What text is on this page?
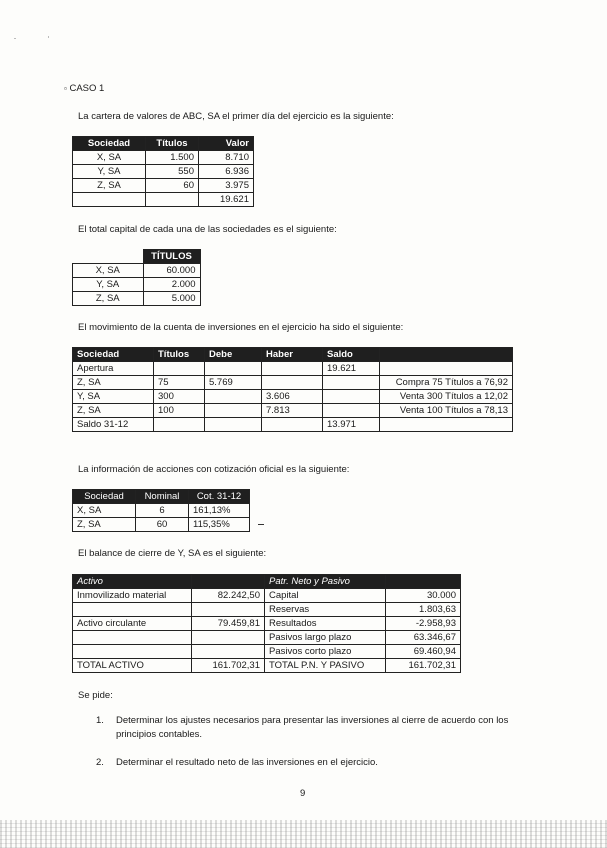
▫ CASO 1
La cartera de valores de ABC, SA el primer día del ejercicio es la siguiente:
Sociedad	Títulos	Valor
X, SA	1.500	8.710
Y, SA	550	6.936
Z, SA	60	3.975
		19.621
El total capital de cada una de las sociedades es el siguiente:
	TÍTULOS
X, SA	60.000
Y, SA	2.000
Z, SA	5.000
El movimiento de la cuenta de inversiones en el ejercicio ha sido el siguiente:
Sociedad	Títulos	Debe	Haber	Saldo	
Apertura				19.621	
Z, SA	75	5.769			Compra 75 Títulos a 76,92
Y, SA	300		3.606		Venta 300 Títulos a 12,02
Z, SA	100		7.813		Venta 100 Títulos a 78,13
Saldo 31-12				13.971	
La información de acciones con cotización oficial es la siguiente:
Sociedad	Nominal	Cot. 31-12
X, SA	6	161,13%
Z, SA	60	115,35%
El balance de cierre de Y, SA es el siguiente:
Activo		Patr. Neto y Pasivo	
Inmovilizado material	82.242,50	Capital	30.000
		Reservas	1.803,63
Activo circulante	79.459,81	Resultados	-2.958,93
		Pasivos largo plazo	63.346,67
		Pasivos corto plazo	69.460,94
TOTAL ACTIVO	161.702,31	TOTAL P.N. Y PASIVO	161.702,31
Se pide:
1. Determinar los ajustes necesarios para presentar las inversiones al cierre de acuerdo con los
principios contables.
2. Determinar el resultado neto de las inversiones en el ejercicio.
9
